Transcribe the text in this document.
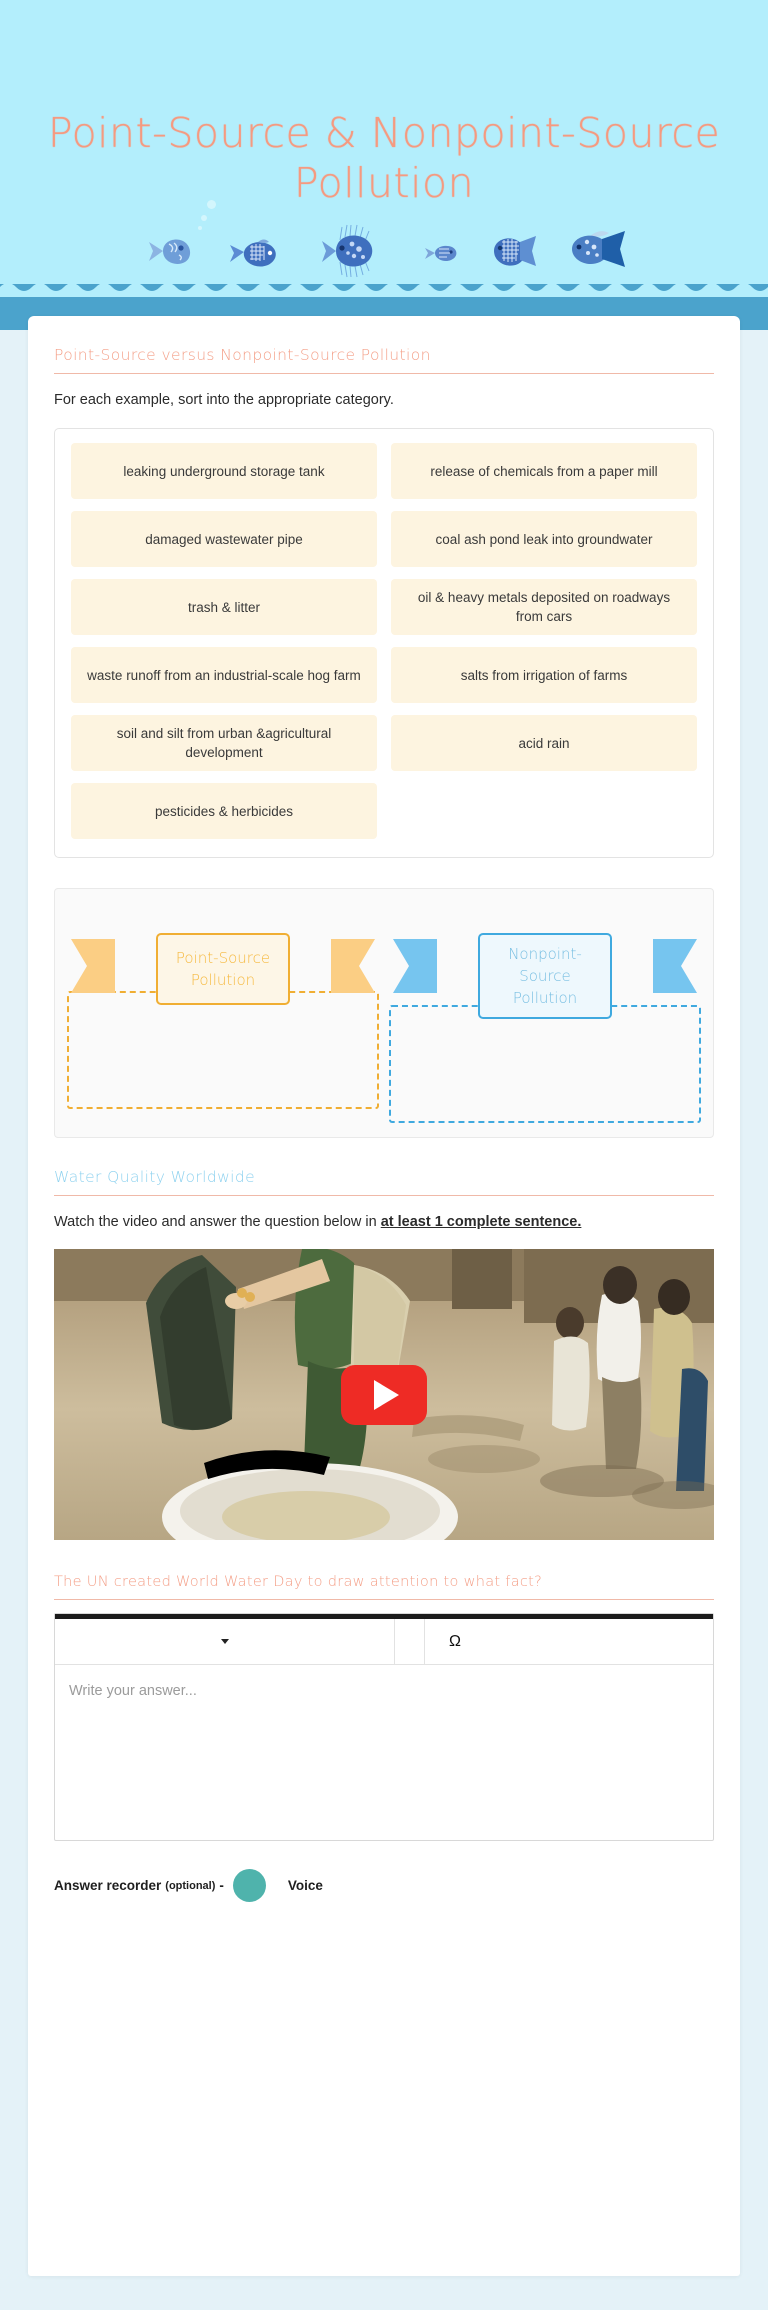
Point-Source & Nonpoint-Source
Pollution
Point-Source versus Nonpoint-Source Pollution
For each example, sort into the appropriate category.
leaking underground storage tank
damaged wastewater pipe
trash & litter
waste runoff from an industrial-scale hog farm
soil and silt from urban &agricultural development
pesticides & herbicides
release of chemicals from a paper mill
coal ash pond leak into groundwater
oil & heavy metals deposited on roadways from cars
salts from irrigation of farms
acid rain
Point-Source Pollution
Nonpoint-Source Pollution
Water Quality Worldwide
Watch the video and answer the question below in at least 1 complete sentence.
The UN created World Water Day to draw attention to what fact?
Ω
Write your answer...
Answer recorder (optional) -	Voice
